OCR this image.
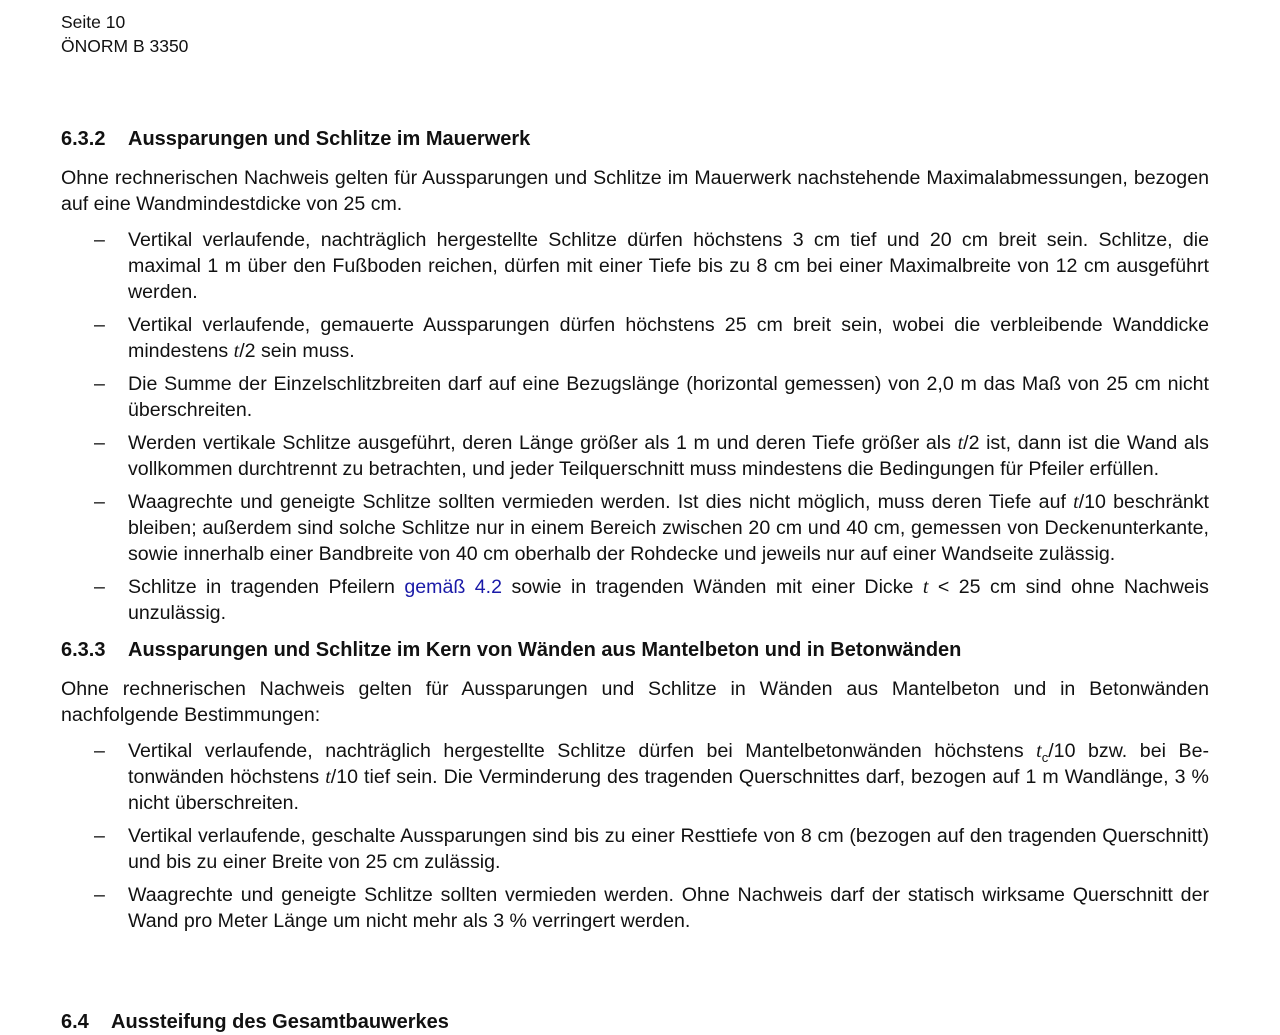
Seite 10
ÖNORM B 3350
6.3.2 Aussparungen und Schlitze im Mauerwerk

Ohne rechnerischen Nachweis gelten für Aussparungen und Schlitze im Mauerwerk nachstehende Maximalabmessungen, bezogen auf eine Wandmindestdicke von 25 cm.

– Vertikal verlaufende, nachträglich hergestellte Schlitze dürfen höchstens 3 cm tief und 20 cm breit sein. Schlitze, die maximal 1 m über den Fußboden reichen, dürfen mit einer Tiefe bis zu 8 cm bei einer Maximalbreite von 12 cm ausgeführt werden.
– Vertikal verlaufende, gemauerte Aussparungen dürfen höchstens 25 cm breit sein, wobei die verbleibende Wanddicke mindestens t/2 sein muss.
– Die Summe der Einzelschlitzbreiten darf auf eine Bezugslänge (horizontal gemessen) von 2,0 m das Maß von 25 cm nicht überschreiten.
– Werden vertikale Schlitze ausgeführt, deren Länge größer als 1 m und deren Tiefe größer als t/2 ist, dann ist die Wand als vollkommen durchtrennt zu betrachten, und jeder Teilquerschnitt muss mindestens die Bedingungen für Pfeiler erfüllen.
– Waagrechte und geneigte Schlitze sollten vermieden werden. Ist dies nicht möglich, muss deren Tiefe auf t/10 beschränkt bleiben; außerdem sind solche Schlitze nur in einem Bereich zwischen 20 cm und 40 cm, gemessen von Deckenunterkante, sowie innerhalb einer Bandbreite von 40 cm oberhalb der Rohdecke und jeweils nur auf einer Wandseite zulässig.
– Schlitze in tragenden Pfeilern gemäß 4.2 sowie in tragenden Wänden mit einer Dicke t < 25 cm sind ohne Nachweis unzulässig.
6.3.3 Aussparungen und Schlitze im Kern von Wänden aus Mantelbeton und in Betonwänden

Ohne rechnerischen Nachweis gelten für Aussparungen und Schlitze in Wänden aus Mantelbeton und in Betonwänden nachfolgende Bestimmungen:

– Vertikal verlaufende, nachträglich hergestellte Schlitze dürfen bei Mantelbetonwänden höchstens $t_c/10$ bzw. bei Betonwänden höchstens t/10 tief sein. Die Verminderung des tragenden Querschnittes darf, bezogen auf 1 m Wandlänge, 3 % nicht überschreiten.
– Vertikal verlaufende, geschalte Aussparungen sind bis zu einer Resttiefe von 8 cm (bezogen auf den tragenden Querschnitt) und bis zu einer Breite von 25 cm zulässig.
– Waagrechte und geneigte Schlitze sollten vermieden werden. Ohne Nachweis darf der statisch wirksame Querschnitt der Wand pro Meter Länge um nicht mehr als 3 % verringert werden.
6.4 Aussteifung des Gesamtbauwerkes
